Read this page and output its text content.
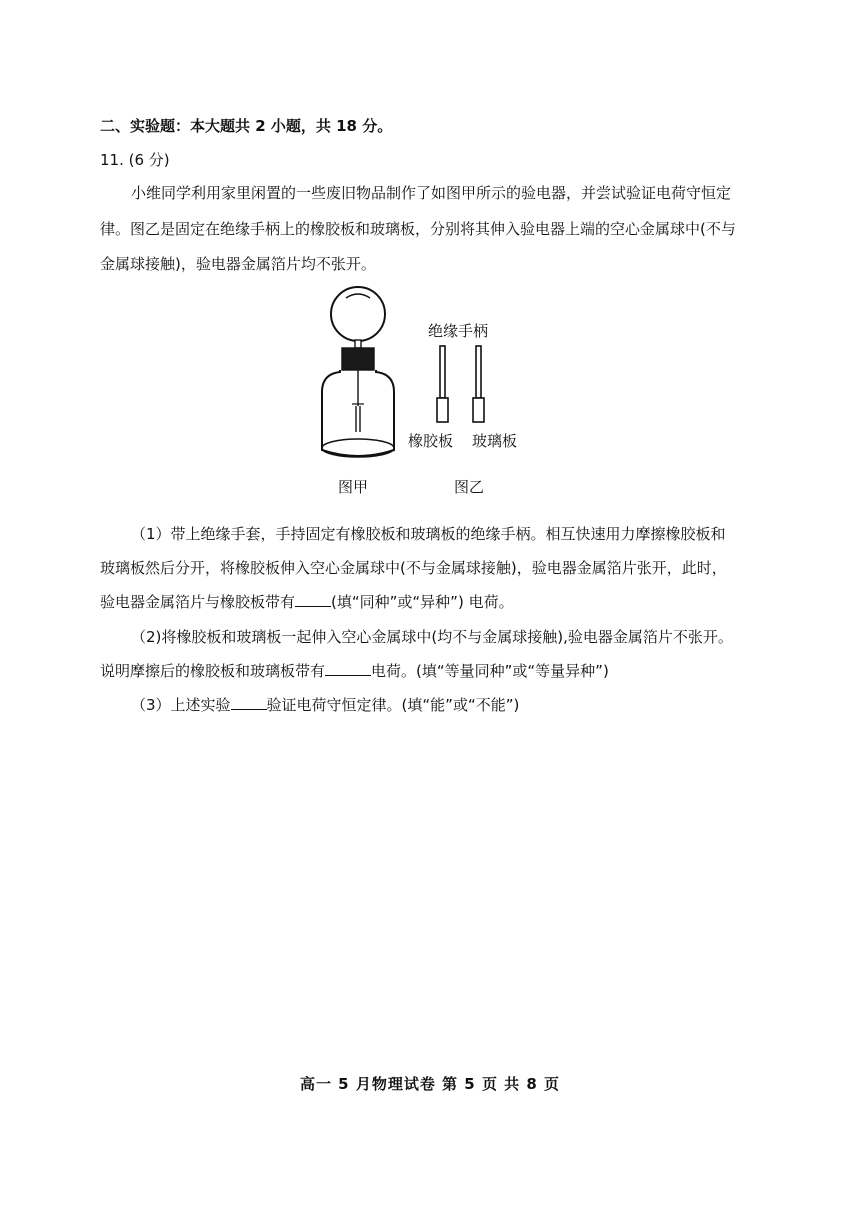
二、实验题：本大题共 2 小题，共 18 分。
11. (6 分)
小维同学利用家里闲置的一些废旧物品制作了如图甲所示的验电器，并尝试验证电荷守恒定
律。图乙是固定在绝缘手柄上的橡胶板和玻璃板，分别将其伸入验电器上端的空心金属球中(不与
金属球接触)，验电器金属箔片均不张开。
绝缘手柄
橡胶板 玻璃板
图甲	图乙
（1）带上绝缘手套，手持固定有橡胶板和玻璃板的绝缘手柄。相互快速用力摩擦橡胶板和
玻璃板然后分开，将橡胶板伸入空心金属球中(不与金属球接触)，验电器金属箔片张开，此时，
验电器金属箔片与橡胶板带有 (填“同种”或“异种”) 电荷。
（2)将橡胶板和玻璃板一起伸入空心金属球中(均不与金属球接触),验电器金属箔片不张开。
说明摩擦后的橡胶板和玻璃板带有	电荷。(填“等量同种”或“等量异种”)
（3）上述实验 验证电荷守恒定律。(填“能”或“不能”)
高一 5 月物理试卷 第 5 页 共 8 页
